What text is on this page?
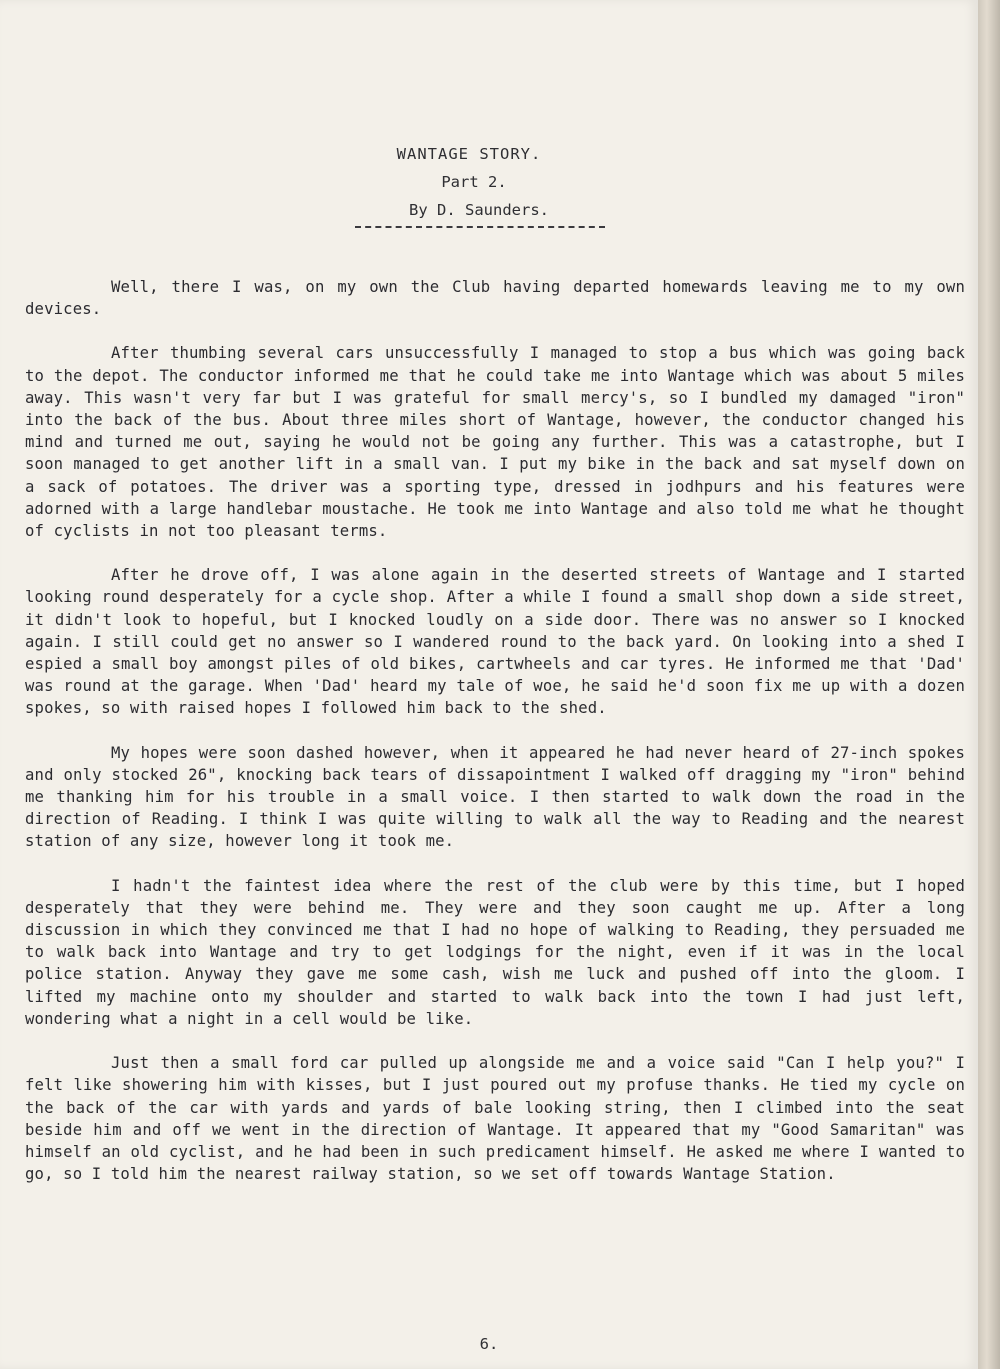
WANTAGE STORY.
Part 2.
By D. Saunders.

Well, there I was, on my own the Club having departed homewards leaving me to my own devices.

After thumbing several cars unsuccessfully I managed to stop a bus which was going back to the depot. The conductor informed me that he could take me into Wantage which was about 5 miles away. This wasn't very far but I was grateful for small mercy's, so I bundled my damaged "iron" into the back of the bus. About three miles short of Wantage, however, the conductor changed his mind and turned me out, saying he would not be going any further. This was a catastrophe, but I soon managed to get another lift in a small van. I put my bike in the back and sat myself down on a sack of potatoes. The driver was a sporting type, dressed in jodhpurs and his features were adorned with a large handlebar moustache. He took me into Wantage and also told me what he thought of cyclists in not too pleasant terms.

After he drove off, I was alone again in the deserted streets of Wantage and I started looking round desperately for a cycle shop. After a while I found a small shop down a side street, it didn't look to hopeful, but I knocked loudly on a side door. There was no answer so I knocked again. I still could get no answer so I wandered round to the back yard. On looking into a shed I espied a small boy amongst piles of old bikes, cartwheels and car tyres. He informed me that 'Dad' was round at the garage. When 'Dad' heard my tale of woe, he said he'd soon fix me up with a dozen spokes, so with raised hopes I followed him back to the shed.

My hopes were soon dashed however, when it appeared he had never heard of 27-inch spokes and only stocked 26", knocking back tears of dissapointment I walked off dragging my "iron" behind me thanking him for his trouble in a small voice. I then started to walk down the road in the direction of Reading. I think I was quite willing to walk all the way to Reading and the nearest station of any size, however long it took me.

I hadn't the faintest idea where the rest of the club were by this time, but I hoped desperately that they were behind me. They were and they soon caught me up. After a long discussion in which they convinced me that I had no hope of walking to Reading, they persuaded me to walk back into Wantage and try to get lodgings for the night, even if it was in the local police station. Anyway they gave me some cash, wish me luck and pushed off into the gloom. I lifted my machine onto my shoulder and started to walk back into the town I had just left, wondering what a night in a cell would be like.

Just then a small ford car pulled up alongside me and a voice said "Can I help you?" I felt like showering him with kisses, but I just poured out my profuse thanks. He tied my cycle on the back of the car with yards and yards of bale looking string, then I climbed into the seat beside him and off we went in the direction of Wantage. It appeared that my "Good Samaritan" was himself an old cyclist, and he had been in such predicament himself. He asked me where I wanted to go, so I told him the nearest railway station, so we set off towards Wantage Station.

6.
